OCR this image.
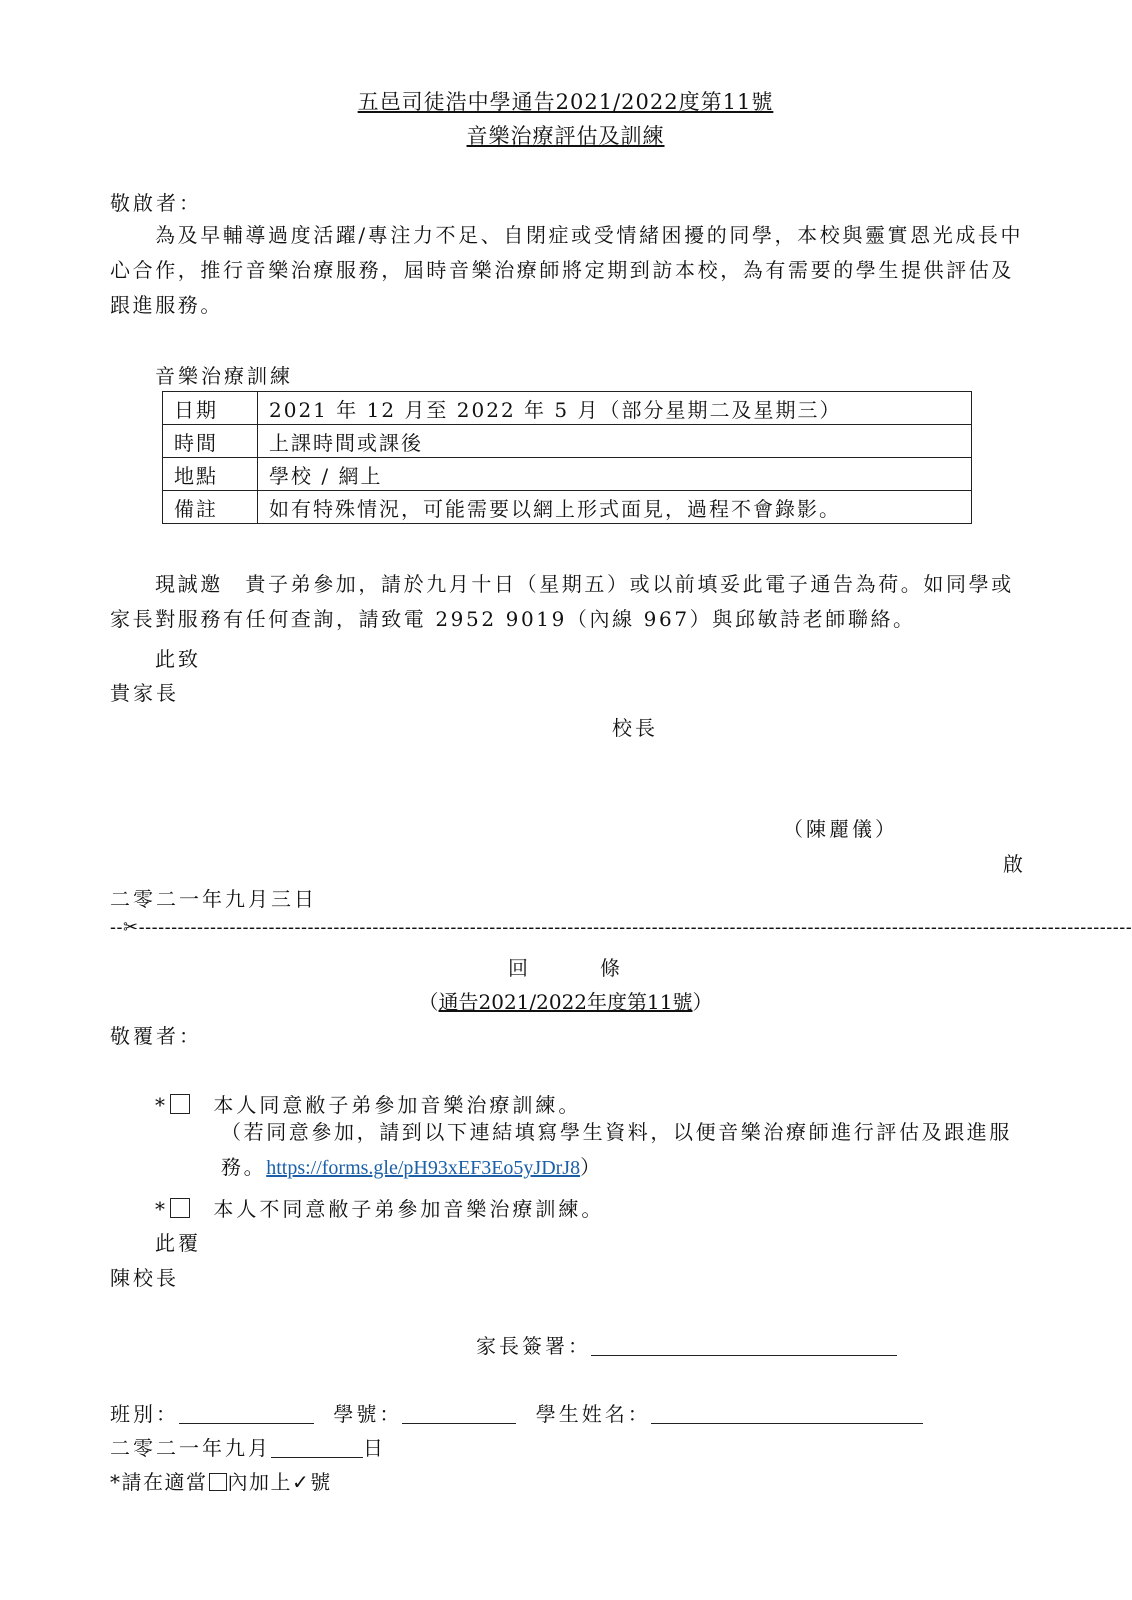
五邑司徒浩中學通告2021/2022度第11號
音樂治療評估及訓練
敬啟者：
為及早輔導過度活躍/專注力不足、自閉症或受情緒困擾的同學，本校與靈實恩光成長中
心合作，推行音樂治療服務，屆時音樂治療師將定期到訪本校，為有需要的學生提供評估及
跟進服務。
音樂治療訓練
日期	2021 年 12 月至 2022 年 5 月（部分星期二及星期三）
時間	上課時間或課後
地點	學校 / 網上
備註	如有特殊情況，可能需要以網上形式面見，過程不會錄影。
現誠邀　貴子弟參加，請於九月十日（星期五）或以前填妥此電子通告為荷。如同學或
家長對服務有任何查詢，請致電 2952 9019（內線 967）與邱敏詩老師聯絡。
此致
貴家長
校長
（陳麗儀）
啟
二零二一年九月三日
--✂---------------------------------------------------------------------------------------------------------------------------------------------------------
回　　　條
（通告2021/2022年度第11號）
敬覆者：
* 本人同意敝子弟參加音樂治療訓練。
（若同意參加，請到以下連結填寫學生資料，以便音樂治療師進行評估及跟進服
務。https://forms.gle/pH93xEF3Eo5yJDrJ8）
* 本人不同意敝子弟參加音樂治療訓練。
此覆
陳校長
家長簽署：
班別：	學號：	學生姓名：
二零二一年九月	日
*請在適當 內加上✓號
